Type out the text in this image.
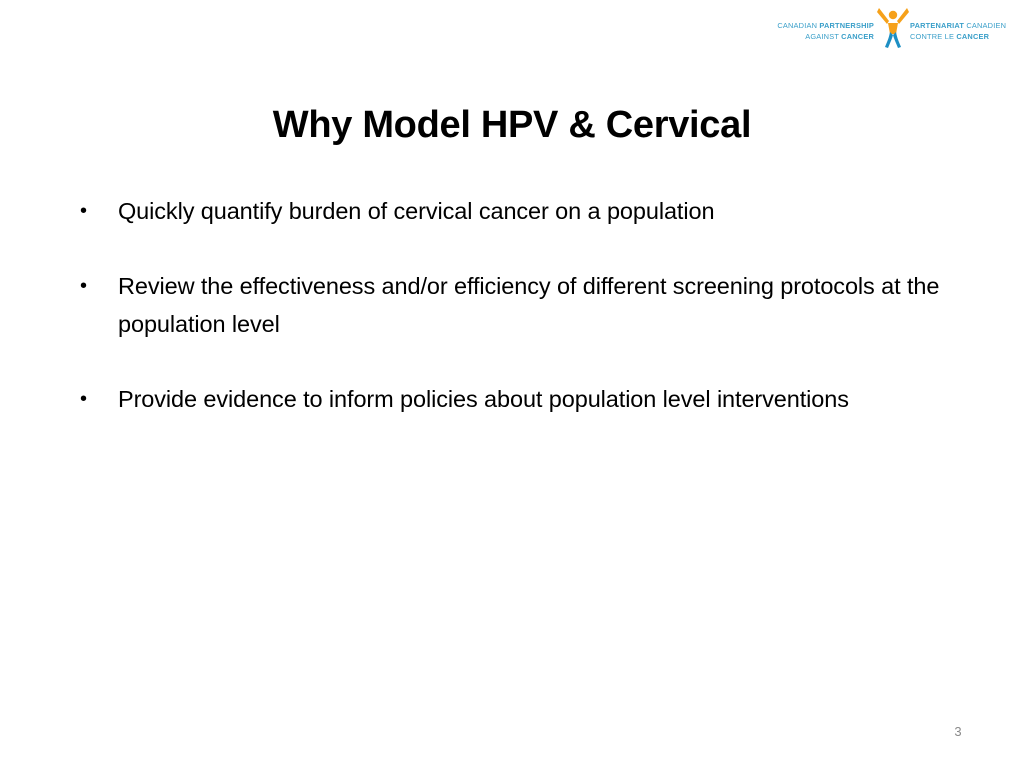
CANADIAN PARTNERSHIP
AGAINST CANCER
PARTENARIAT CANADIEN
CONTRE LE CANCER
Why Model HPV & Cervical
• Quickly quantify burden of cervical cancer on a population
• Review the effectiveness and/or efficiency of different screening protocols at the population level
• Provide evidence to inform policies about population level interventions
3
